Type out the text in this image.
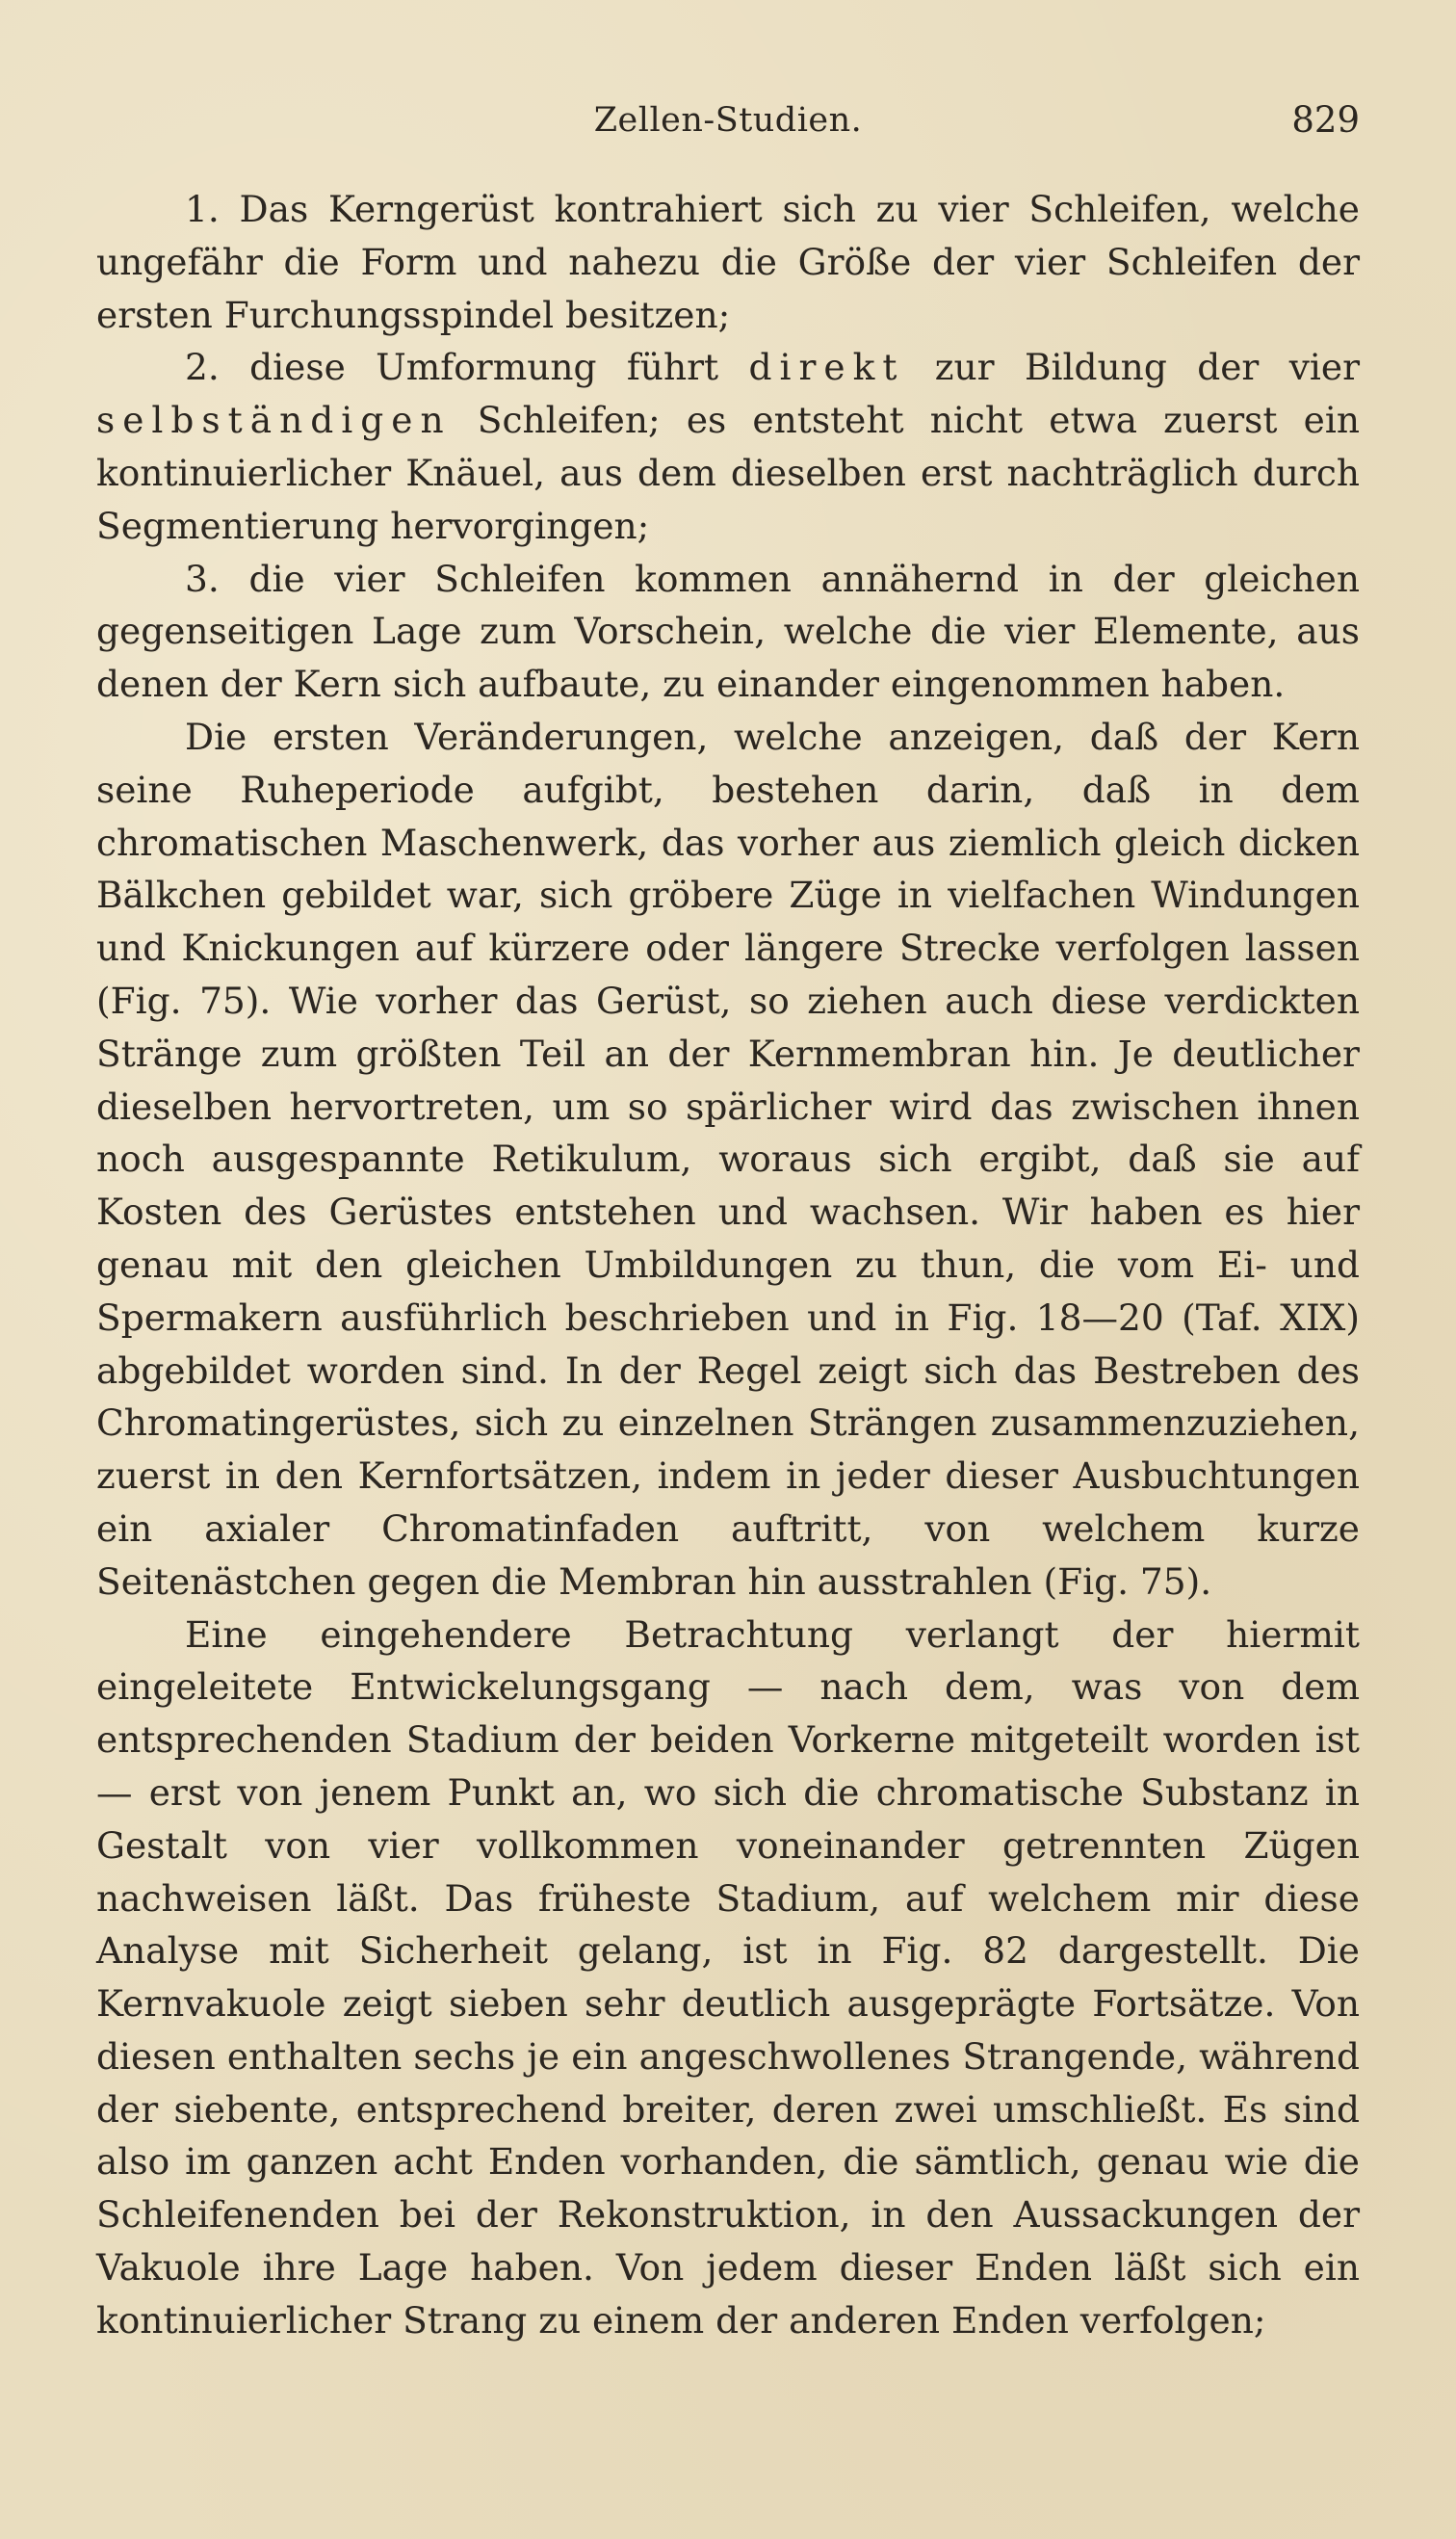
Zellen-Studien.	829

1. Das Kerngerüst kontrahiert sich zu vier Schleifen, welche ungefähr die Form und nahezu die Größe der vier Schleifen der ersten Furchungsspindel besitzen;

2. diese Umformung führt direkt zur Bildung der vier selbständigen Schleifen; es entsteht nicht etwa zuerst ein kontinuierlicher Knäuel, aus dem dieselben erst nachträglich durch Segmentierung hervorgingen;

3. die vier Schleifen kommen annähernd in der gleichen gegenseitigen Lage zum Vorschein, welche die vier Elemente, aus denen der Kern sich aufbaute, zu einander eingenommen haben.

Die ersten Veränderungen, welche anzeigen, daß der Kern seine Ruheperiode aufgibt, bestehen darin, daß in dem chromatischen Maschenwerk, das vorher aus ziemlich gleich dicken Bälkchen gebildet war, sich gröbere Züge in vielfachen Windungen und Knickungen auf kürzere oder längere Strecke verfolgen lassen (Fig. 75). Wie vorher das Gerüst, so ziehen auch diese verdickten Stränge zum größten Teil an der Kernmembran hin. Je deutlicher dieselben hervortreten, um so spärlicher wird das zwischen ihnen noch ausgespannte Retikulum, woraus sich ergibt, daß sie auf Kosten des Gerüstes entstehen und wachsen. Wir haben es hier genau mit den gleichen Umbildungen zu thun, die vom Ei- und Spermakern ausführlich beschrieben und in Fig. 18—20 (Taf. XIX) abgebildet worden sind. In der Regel zeigt sich das Bestreben des Chromatingerüstes, sich zu einzelnen Strängen zusammenzuziehen, zuerst in den Kernfortsätzen, indem in jeder dieser Ausbuchtungen ein axialer Chromatinfaden auftritt, von welchem kurze Seitenästchen gegen die Membran hin ausstrahlen (Fig. 75).

Eine eingehendere Betrachtung verlangt der hiermit eingeleitete Entwickelungsgang — nach dem, was von dem entsprechenden Stadium der beiden Vorkerne mitgeteilt worden ist — erst von jenem Punkt an, wo sich die chromatische Substanz in Gestalt von vier vollkommen voneinander getrennten Zügen nachweisen läßt. Das früheste Stadium, auf welchem mir diese Analyse mit Sicherheit gelang, ist in Fig. 82 dargestellt. Die Kernvakuole zeigt sieben sehr deutlich ausgeprägte Fortsätze. Von diesen enthalten sechs je ein angeschwollenes Strangende, während der siebente, entsprechend breiter, deren zwei umschließt. Es sind also im ganzen acht Enden vorhanden, die sämtlich, genau wie die Schleifenenden bei der Rekonstruktion, in den Aussackungen der Vakuole ihre Lage haben. Von jedem dieser Enden läßt sich ein kontinuierlicher Strang zu einem der anderen Enden verfolgen;
